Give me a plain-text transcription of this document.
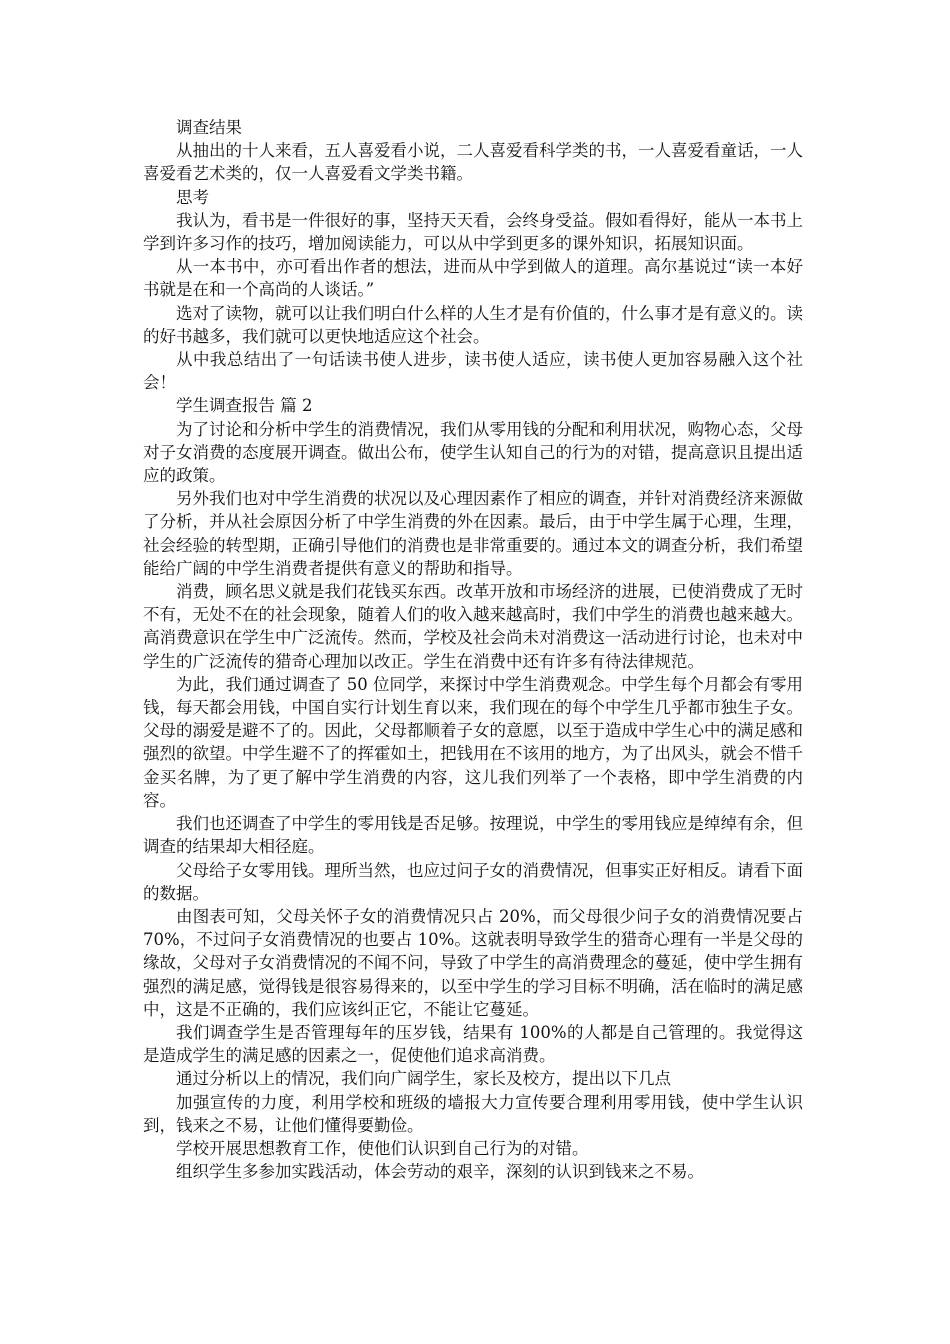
调查结果

从抽出的十人来看，五人喜爱看小说，二人喜爱看科学类的书，一人喜爱看童话，一人喜爱看艺术类的，仅一人喜爱看文学类书籍。

思考

我认为，看书是一件很好的事，坚持天天看，会终身受益。假如看得好，能从一本书上学到许多习作的技巧，增加阅读能力，可以从中学到更多的课外知识，拓展知识面。

从一本书中，亦可看出作者的想法，进而从中学到做人的道理。高尔基说过“读一本好书就是在和一个高尚的人谈话。”

选对了读物，就可以让我们明白什么样的人生才是有价值的，什么事才是有意义的。读的好书越多，我们就可以更快地适应这个社会。

从中我总结出了一句话读书使人进步，读书使人适应，读书使人更加容易融入这个社会！

学生调查报告 篇 2

为了讨论和分析中学生的消费情况，我们从零用钱的分配和利用状况，购物心态，父母对子女消费的态度展开调查。做出公布，使学生认知自己的行为的对错，提高意识且提出适应的政策。

另外我们也对中学生消费的状况以及心理因素作了相应的调查，并针对消费经济来源做了分析，并从社会原因分析了中学生消费的外在因素。最后，由于中学生属于心理，生理，社会经验的转型期，正确引导他们的消费也是非常重要的。通过本文的调查分析，我们希望能给广阔的中学生消费者提供有意义的帮助和指导。

消费，顾名思义就是我们花钱买东西。改革开放和市场经济的进展，已使消费成了无时不有，无处不在的社会现象，随着人们的收入越来越高时，我们中学生的消费也越来越大。高消费意识在学生中广泛流传。然而，学校及社会尚未对消费这一活动进行讨论，也未对中学生的广泛流传的猎奇心理加以改正。学生在消费中还有许多有待法律规范。

为此，我们通过调查了 50 位同学，来探讨中学生消费观念。中学生每个月都会有零用钱，每天都会用钱，中国自实行计划生育以来，我们现在的每个中学生几乎都市独生子女。父母的溺爱是避不了的。因此，父母都顺着子女的意愿，以至于造成中学生心中的满足感和强烈的欲望。中学生避不了的挥霍如土，把钱用在不该用的地方，为了出风头，就会不惜千金买名牌，为了更了解中学生消费的内容，这儿我们列举了一个表格，即中学生消费的内容。

我们也还调查了中学生的零用钱是否足够。按理说，中学生的零用钱应是绰绰有余，但调查的结果却大相径庭。

父母给子女零用钱。理所当然，也应过问子女的消费情况，但事实正好相反。请看下面的数据。

由图表可知，父母关怀子女的消费情况只占 20%，而父母很少问子女的消费情况要占 70%，不过问子女消费情况的也要占 10%。这就表明导致学生的猎奇心理有一半是父母的缘故，父母对子女消费情况的不闻不问，导致了中学生的高消费理念的蔓延，使中学生拥有强烈的满足感，觉得钱是很容易得来的，以至中学生的学习目标不明确，活在临时的满足感中，这是不正确的，我们应该纠正它，不能让它蔓延。

我们调查学生是否管理每年的压岁钱，结果有 100%的人都是自己管理的。我觉得这是造成学生的满足感的因素之一，促使他们追求高消费。

通过分析以上的情况，我们向广阔学生，家长及校方，提出以下几点

加强宣传的力度，利用学校和班级的墙报大力宣传要合理利用零用钱，使中学生认识到，钱来之不易，让他们懂得要勤俭。

学校开展思想教育工作，使他们认识到自己行为的对错。

组织学生多参加实践活动，体会劳动的艰辛，深刻的认识到钱来之不易。
